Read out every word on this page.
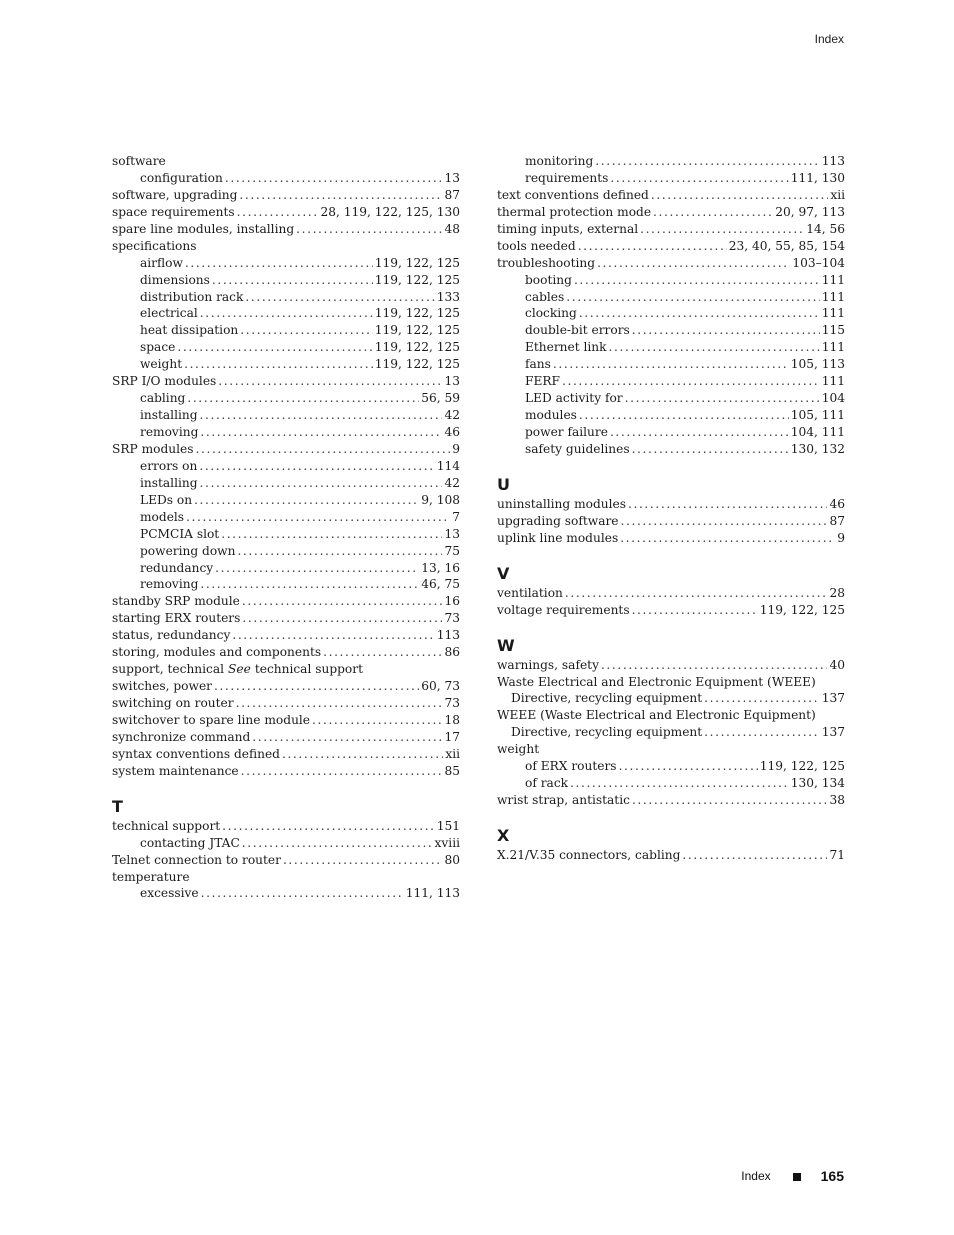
Index
software
configuration .....	13
software, upgrading .....	87
space requirements .....	28, 119, 122, 125, 130
spare line modules, installing .....	48
specifications
airflow .....	119, 122, 125
dimensions .....	119, 122, 125
distribution rack .....	133
electrical .....	119, 122, 125
heat dissipation .....	119, 122, 125
space .....	119, 122, 125
weight .....	119, 122, 125
SRP I/O modules .....	13
cabling .....	56, 59
installing .....	42
removing .....	46
SRP modules .....	9
errors on .....	114
installing .....	42
LEDs on .....	9, 108
models .....	7
PCMCIA slot .....	13
powering down .....	75
redundancy .....	13, 16
removing .....	46, 75
standby SRP module .....	16
starting ERX routers .....	73
status, redundancy .....	113
storing, modules and components .....	86
support, technical See technical support
switches, power .....	60, 73
switching on router .....	73
switchover to spare line module .....	18
synchronize command .....	17
syntax conventions defined .....	xii
system maintenance .....	85
T
technical support .....	151
contacting JTAC .....	xviii
Telnet connection to router .....	80
temperature
excessive .....	111, 113
monitoring .....	113
requirements .....	111, 130
text conventions defined .....	xii
thermal protection mode .....	20, 97, 113
timing inputs, external .....	14, 56
tools needed .....	23, 40, 55, 85, 154
troubleshooting .....	103–104
booting .....	111
cables .....	111
clocking .....	111
double-bit errors .....	115
Ethernet link .....	111
fans .....	105, 113
FERF .....	111
LED activity for .....	104
modules .....	105, 111
power failure .....	104, 111
safety guidelines .....	130, 132
U
uninstalling modules .....	46
upgrading software .....	87
uplink line modules .....	9
V
ventilation .....	28
voltage requirements .....	119, 122, 125
W
warnings, safety .....	40
Waste Electrical and Electronic Equipment (WEEE)
Directive, recycling equipment .....	137
WEEE (Waste Electrical and Electronic Equipment)
Directive, recycling equipment .....	137
weight
of ERX routers .....	119, 122, 125
of rack .....	130, 134
wrist strap, antistatic .....	38
X
X.21/V.35 connectors, cabling .....	71
Index	165
